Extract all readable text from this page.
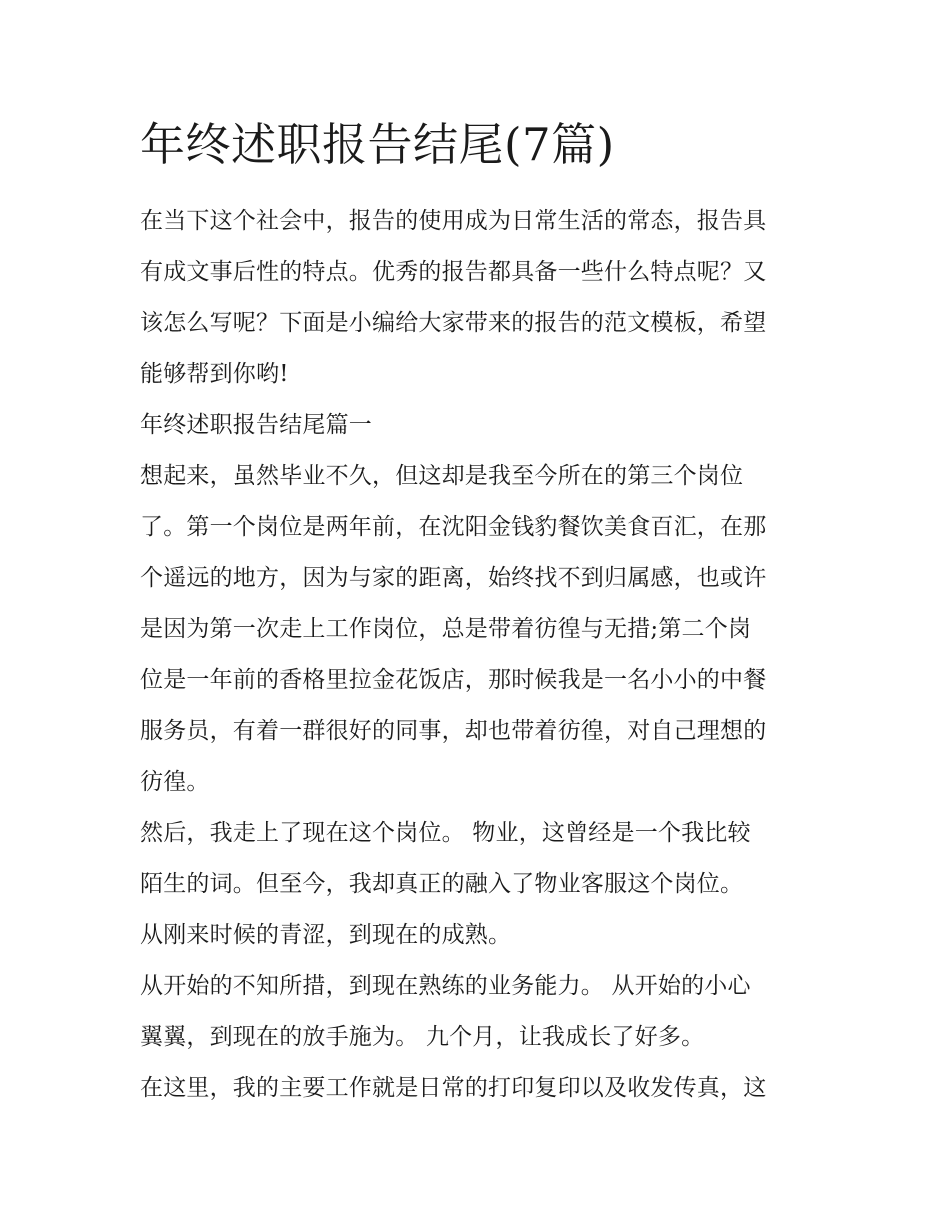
年终述职报告结尾(7篇)
在当下这个社会中，报告的使用成为日常生活的常态，报告具
有成文事后性的特点。优秀的报告都具备一些什么特点呢？又
该怎么写呢？下面是小编给大家带来的报告的范文模板，希望
能够帮到你哟!
年终述职报告结尾篇一
想起来，虽然毕业不久，但这却是我至今所在的第三个岗位
了。第一个岗位是两年前，在沈阳金钱豹餐饮美食百汇，在那
个遥远的地方，因为与家的距离，始终找不到归属感，也或许
是因为第一次走上工作岗位，总是带着彷徨与无措;第二个岗
位是一年前的香格里拉金花饭店，那时候我是一名小小的中餐
服务员，有着一群很好的同事，却也带着彷徨，对自己理想的
彷徨。
然后，我走上了现在这个岗位。 物业，这曾经是一个我比较
陌生的词。但至今，我却真正的融入了物业客服这个岗位。
从刚来时候的青涩，到现在的成熟。
从开始的不知所措，到现在熟练的业务能力。 从开始的小心
翼翼，到现在的放手施为。 九个月，让我成长了好多。
在这里，我的主要工作就是日常的打印复印以及收发传真，这
